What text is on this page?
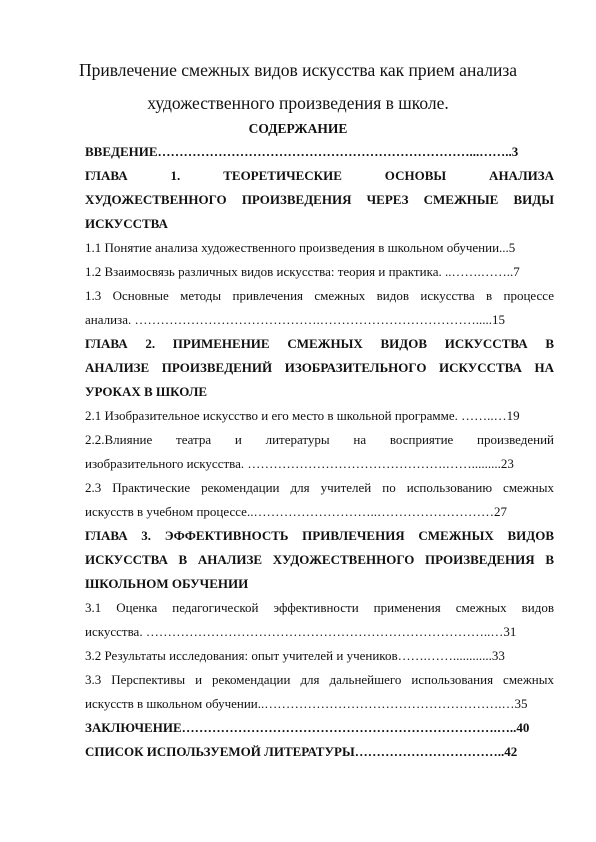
Привлечение смежных видов искусства как прием анализа
художественного произведения в школе.
СОДЕРЖАНИЕ
ВВЕДЕНИЕ………………………………………………………………...……..3
ГЛАВА 1. ТЕОРЕТИЧЕСКИЕ ОСНОВЫ АНАЛИЗА
ХУДОЖЕСТВЕННОГО ПРОИЗВЕДЕНИЯ ЧЕРЕЗ СМЕЖНЫЕ ВИДЫ
ИСКУССТВА
1.1 Понятие анализа художественного произведения в школьном обучении...5
1.2 Взаимосвязь различных видов искусства: теория и практика. ..…….……..7
1.3 Основные методы привлечения смежных видов искусства в процессе
анализа. …………………………………….……………………………….....15
ГЛАВА 2. ПРИМЕНЕНИЕ СМЕЖНЫХ ВИДОВ ИСКУССТВА В
АНАЛИЗЕ ПРОИЗВЕДЕНИЙ ИЗОБРАЗИТЕЛЬНОГО ИСКУССТВА НА
УРОКАХ В ШКОЛЕ
2.1 Изобразительное искусство и его место в школьной программе. ……..…19
2.2.Влияние театра и литературы на восприятие произведений
изобразительного искусства. ……………………………………….…….........23
2.3 Практические рекомендации для учителей по использованию смежных
искусств в учебном процессе..………………………..………………………27
ГЛАВА 3. ЭФФЕКТИВНОСТЬ ПРИВЛЕЧЕНИЯ СМЕЖНЫХ ВИДОВ
ИСКУССТВА В АНАЛИЗЕ ХУДОЖЕСТВЕННОГО ПРОИЗВЕДЕНИЯ В
ШКОЛЬНОМ ОБУЧЕНИИ
3.1 Оценка педагогической эффективности применения смежных видов
искусства. ……………………………………………………………………..…31
3.2 Результаты исследования: опыт учителей и учеников…….……............33
3.3 Перспективы и рекомендации для дальнейшего использования смежных
искусств в школьном обучении..……………………………………………….…35
ЗАКЛЮЧЕНИЕ……………………………………………………………….…..40
СПИСОК ИСПОЛЬЗУЕМОЙ ЛИТЕРАТУРЫ……………………………..42
